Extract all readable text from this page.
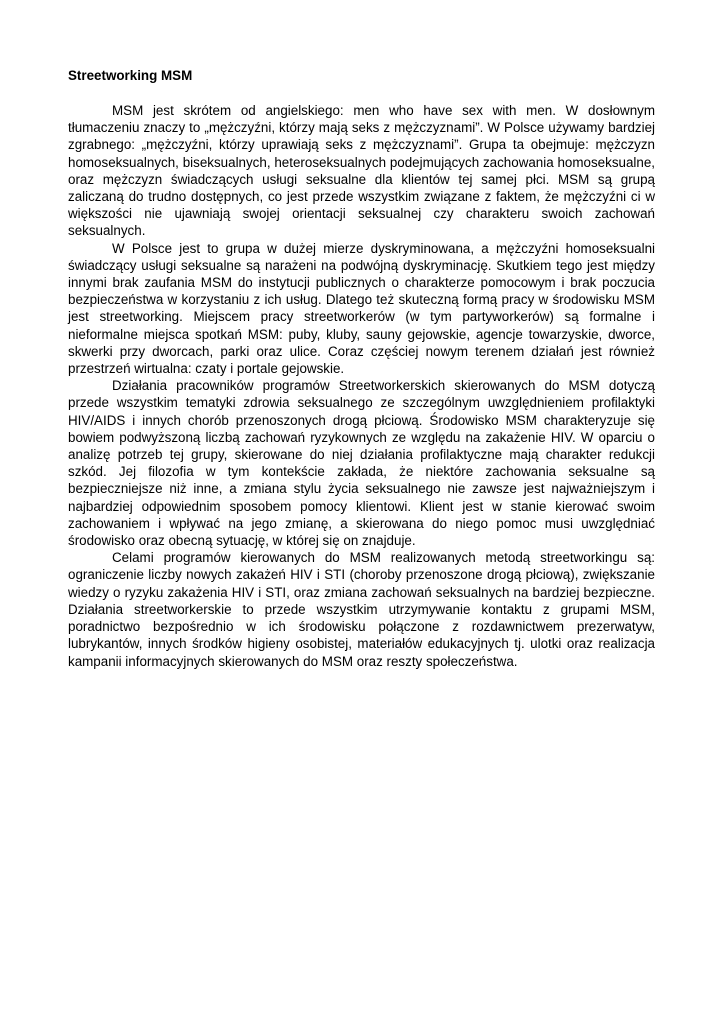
Streetworking MSM

MSM jest skrótem od angielskiego: men who have sex with men. W dosłownym tłumaczeniu znaczy to „mężczyźni, którzy mają seks z mężczyznami”. W Polsce używamy bardziej zgrabnego: „mężczyźni, którzy uprawiają seks z mężczyznami”. Grupa ta obejmuje: mężczyzn homoseksualnych, biseksualnych, heteroseksualnych podejmujących zachowania homoseksualne, oraz mężczyzn świadczących usługi seksualne dla klientów tej samej płci. MSM są grupą zaliczaną do trudno dostępnych, co jest przede wszystkim związane z faktem, że mężczyźni ci w większości nie ujawniają swojej orientacji seksualnej czy charakteru swoich zachowań seksualnych.

W Polsce jest to grupa w dużej mierze dyskryminowana, a mężczyźni homoseksualni świadczący usługi seksualne są narażeni na podwójną dyskryminację. Skutkiem tego jest między innymi brak zaufania MSM do instytucji publicznych o charakterze pomocowym i brak poczucia bezpieczeństwa w korzystaniu z ich usług. Dlatego też skuteczną formą pracy w środowisku MSM jest streetworking. Miejscem pracy streetworkerów (w tym partyworkerów) są formalne i nieformalne miejsca spotkań MSM: puby, kluby, sauny gejowskie, agencje towarzyskie, dworce, skwerki przy dworcach, parki oraz ulice. Coraz częściej nowym terenem działań jest również przestrzeń wirtualna: czaty i portale gejowskie.

Działania pracowników programów Streetworkerskich skierowanych do MSM dotyczą przede wszystkim tematyki zdrowia seksualnego ze szczególnym uwzględnieniem profilaktyki HIV/AIDS i innych chorób przenoszonych drogą płciową. Środowisko MSM charakteryzuje się bowiem podwyższoną liczbą zachowań ryzykownych ze względu na zakażenie HIV. W oparciu o analizę potrzeb tej grupy, skierowane do niej działania profilaktyczne mają charakter redukcji szkód. Jej filozofia w tym kontekście zakłada, że niektóre zachowania seksualne są bezpieczniejsze niż inne, a zmiana stylu życia seksualnego nie zawsze jest najważniejszym i najbardziej odpowiednim sposobem pomocy klientowi. Klient jest w stanie kierować swoim zachowaniem i wpływać na jego zmianę, a skierowana do niego pomoc musi uwzględniać środowisko oraz obecną sytuację, w której się on znajduje.

Celami programów kierowanych do MSM realizowanych metodą streetworkingu są: ograniczenie liczby nowych zakażeń HIV i STI (choroby przenoszone drogą płciową), zwiększanie wiedzy o ryzyku zakażenia HIV i STI, oraz zmiana zachowań seksualnych na bardziej bezpieczne. Działania streetworkerskie to przede wszystkim utrzymywanie kontaktu z grupami MSM, poradnictwo bezpośrednio w ich środowisku połączone z rozdawnictwem prezerwatyw, lubrykantów, innych środków higieny osobistej, materiałów edukacyjnych tj. ulotki oraz realizacja kampanii informacyjnych skierowanych do MSM oraz reszty społeczeństwa.
